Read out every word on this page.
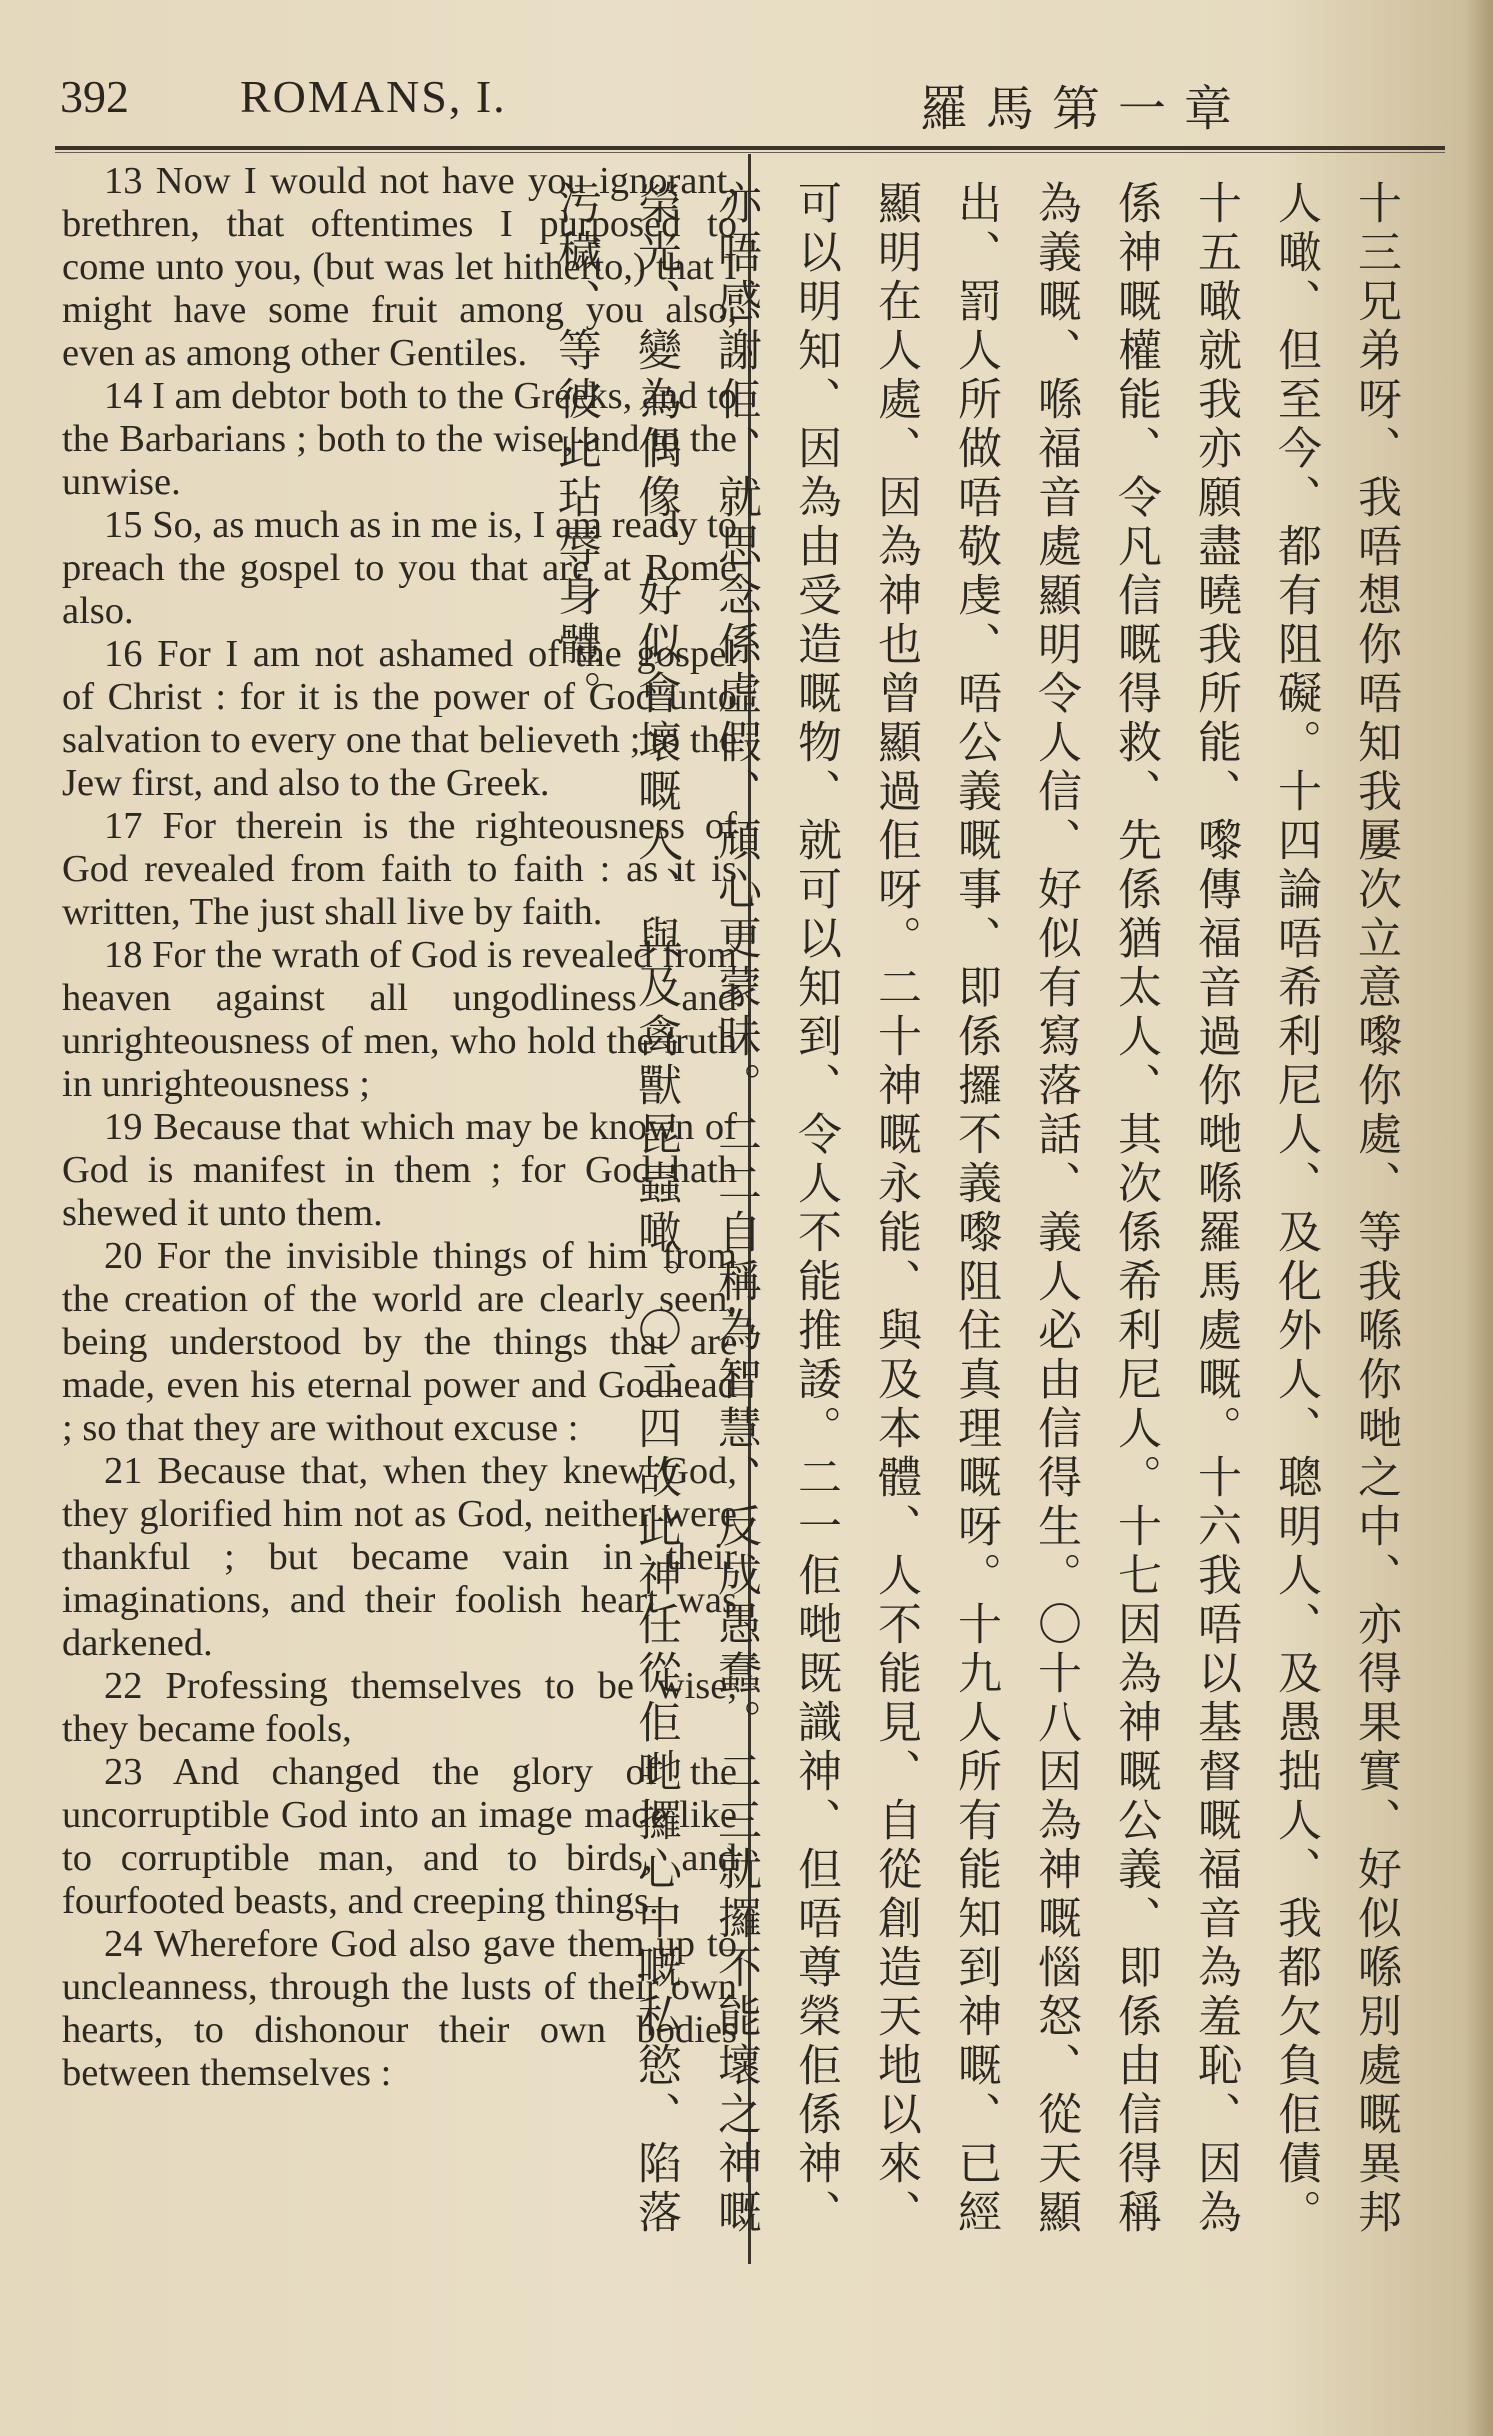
392 ROMANS, I.	羅馬第一章

13 Now I would not have you ignorant, brethren, that oftentimes I purposed to come unto you, (but was let hitherto,) that I might have some fruit among you also, even as among other Gentiles.

14 I am debtor both to the Greeks, and to the Barbarians ; both to the wise, and to the unwise.

15 So, as much as in me is, I am ready to preach the gospel to you that are at Rome also.

16 For I am not ashamed of the gospel of Christ : for it is the power of God unto salvation to every one that believeth ; to the Jew first, and also to the Greek.

17 For therein is the righteousness of God revealed from faith to faith : as it is written, The just shall live by faith.

18 For the wrath of God is revealed from heaven against all ungodliness and unrighteousness of men, who hold the truth in unrighteousness ;

19 Because that which may be known of God is manifest in them ; for God hath shewed it unto them.

20 For the invisible things of him from the creation of the world are clearly seen, being understood by the things that are made, even his eternal power and Godhead ; so that they are without excuse :

21 Because that, when they knew God, they glorified him not as God, neither were thankful ; but became vain in their imaginations, and their foolish heart was darkened.

22 Professing themselves to be wise, they became fools,

23 And changed the glory of the uncorruptible God into an image made like to corruptible man, and to birds, and fourfooted beasts, and creeping things.

24 Wherefore God also gave them up to uncleanness, through the lusts of their own hearts, to dishonour their own bodies between themselves :	十三兄弟呀、我唔想你唔知我屢次立意嚟你處、等我喺你哋之中、亦得果實、好似喺別處嘅異邦人噉、但至今、都有阻礙。十四論唔希利尼人、及化外人、聰明人、及愚拙人、我都欠負佢債。十五噉就我亦願盡曉我所能、嚟傳福音過你哋喺羅馬處嘅。十六我唔以基督嘅福音為羞恥、因為係神嘅權能、令凡信嘅得救、先係猶太人、其次係希利尼人。十七因為神嘅公義、即係由信得稱為義嘅、喺福音處顯明令人信、好似有寫落話、義人必由信得生。〇十八因為神嘅惱怒、從天顯出、罰人所做唔敬虔、唔公義嘅事、即係攞不義嚟阻住真理嘅呀。十九人所有能知到神嘅、已經顯明在人處、因為神也曾顯過佢呀。二十神嘅永能、與及本體、人不能見、自從創造天地以來、可以明知、因為由受造嘅物、就可以知到、令人不能推諉。二一佢哋既識神、但唔尊榮佢係神、亦唔感謝佢、就思念係虛假、頑心更蒙昧。二二自稱為智慧、反成愚蠢。二三就攞不能壞之神嘅榮光、變為偶像、好似會壞嘅人、與及禽獸昆蟲噉。〇二四故此神任從佢哋攞心中嘅私慾、陷落污穢、等彼此玷辱身體。
